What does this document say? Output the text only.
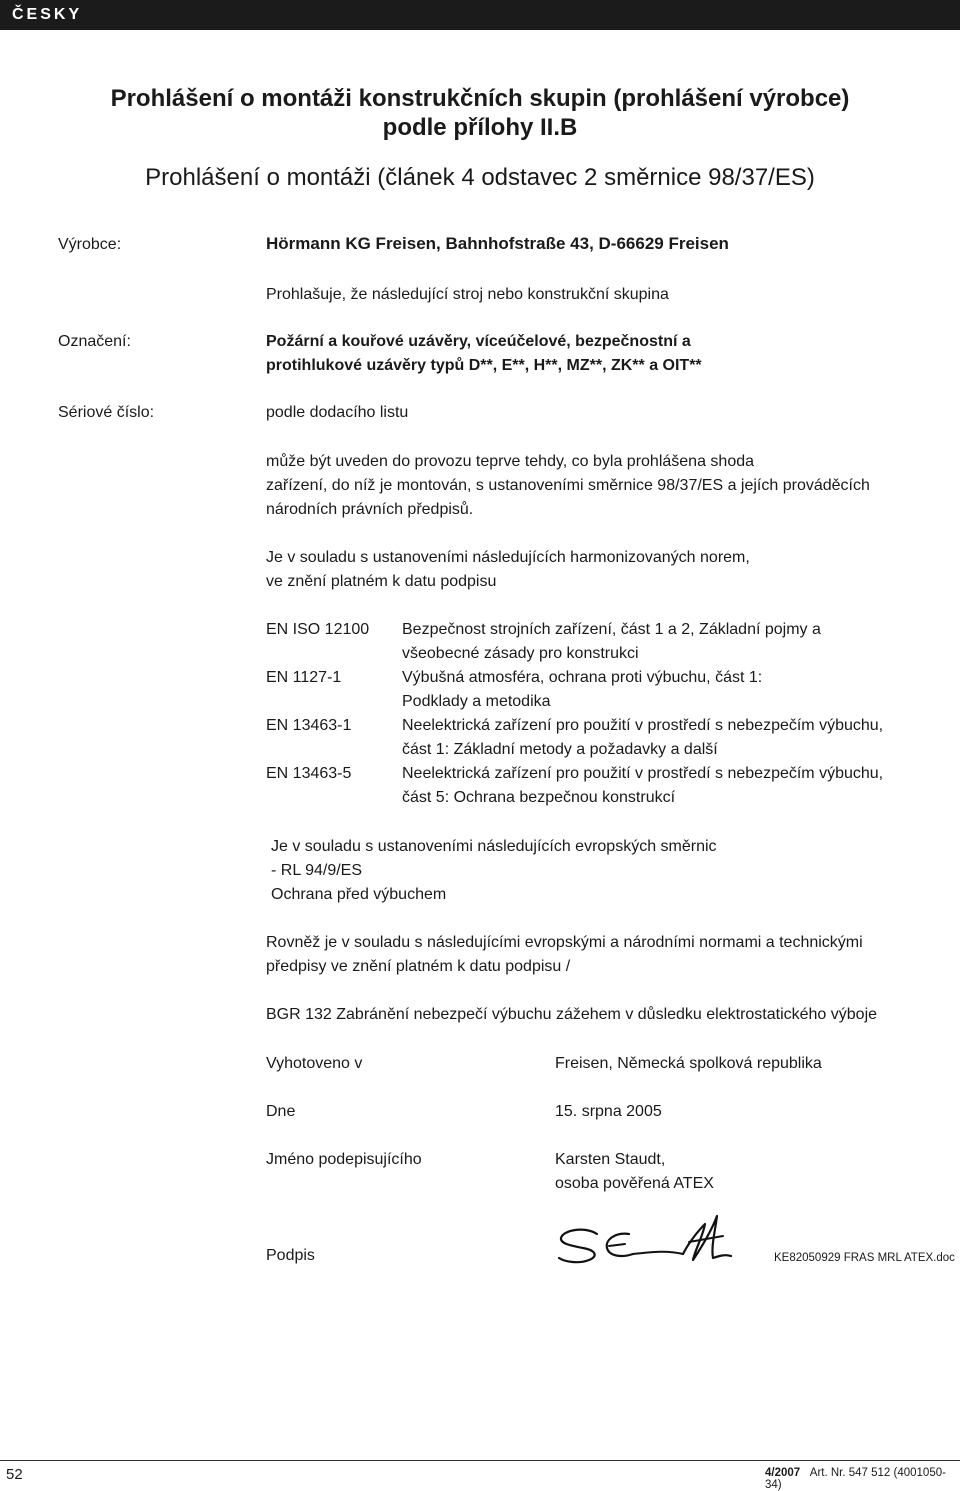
ČESKY
Prohlášení o montáži konstrukčních skupin (prohlášení výrobce)
podle přílohy II.B
Prohlášení o montáži (článek 4 odstavec 2 směrnice 98/37/ES)
Výrobce:	Hörmann KG Freisen, Bahnhofstraße 43, D-66629 Freisen
Prohlašuje, že následující stroj nebo konstrukční skupina
Označení:	Požární a kouřové uzávěry, víceúčelové, bezpečnostní a
protihlukové uzávěry typů D**, E**, H**, MZ**, ZK** a OIT**
Sériové číslo:	podle dodacího listu
může být uveden do provozu teprve tehdy, co byla prohlášena shoda
zařízení, do níž je montován, s ustanoveními směrnice 98/37/ES a jejích prováděcích
národních právních předpisů.
Je v souladu s ustanoveními následujících harmonizovaných norem,
ve znění platném k datu podpisu
EN ISO 12100 Bezpečnost strojních zařízení, část 1 a 2, Základní pojmy a
všeobecné zásady pro konstrukci
EN 1127-1	Výbušná atmosféra, ochrana proti výbuchu, část 1:
Podklady a metodika
EN 13463-1	Neelektrická zařízení pro použití v prostředí s nebezpečím výbuchu,
část 1: Základní metody a požadavky a další
EN 13463-5	Neelektrická zařízení pro použití v prostředí s nebezpečím výbuchu,
část 5: Ochrana bezpečnou konstrukcí
Je v souladu s ustanoveními následujících evropských směrnic
- RL 94/9/ES
Ochrana před výbuchem
Rovněž je v souladu s následujícími evropskými a národními normami a technickými
předpisy ve znění platném k datu podpisu /
BGR 132 Zabránění nebezpečí výbuchu zážehem v důsledku elektrostatického výboje
Vyhotoveno v	Freisen, Německá spolková republika
Dne	15. srpna 2005
Jméno podepisujícího	Karsten Staudt,
osoba pověřená ATEX
Podpis	KE82050929 FRAS MRL ATEX.doc
52	4/2007 Art. Nr. 547 512 (4001050-34)
